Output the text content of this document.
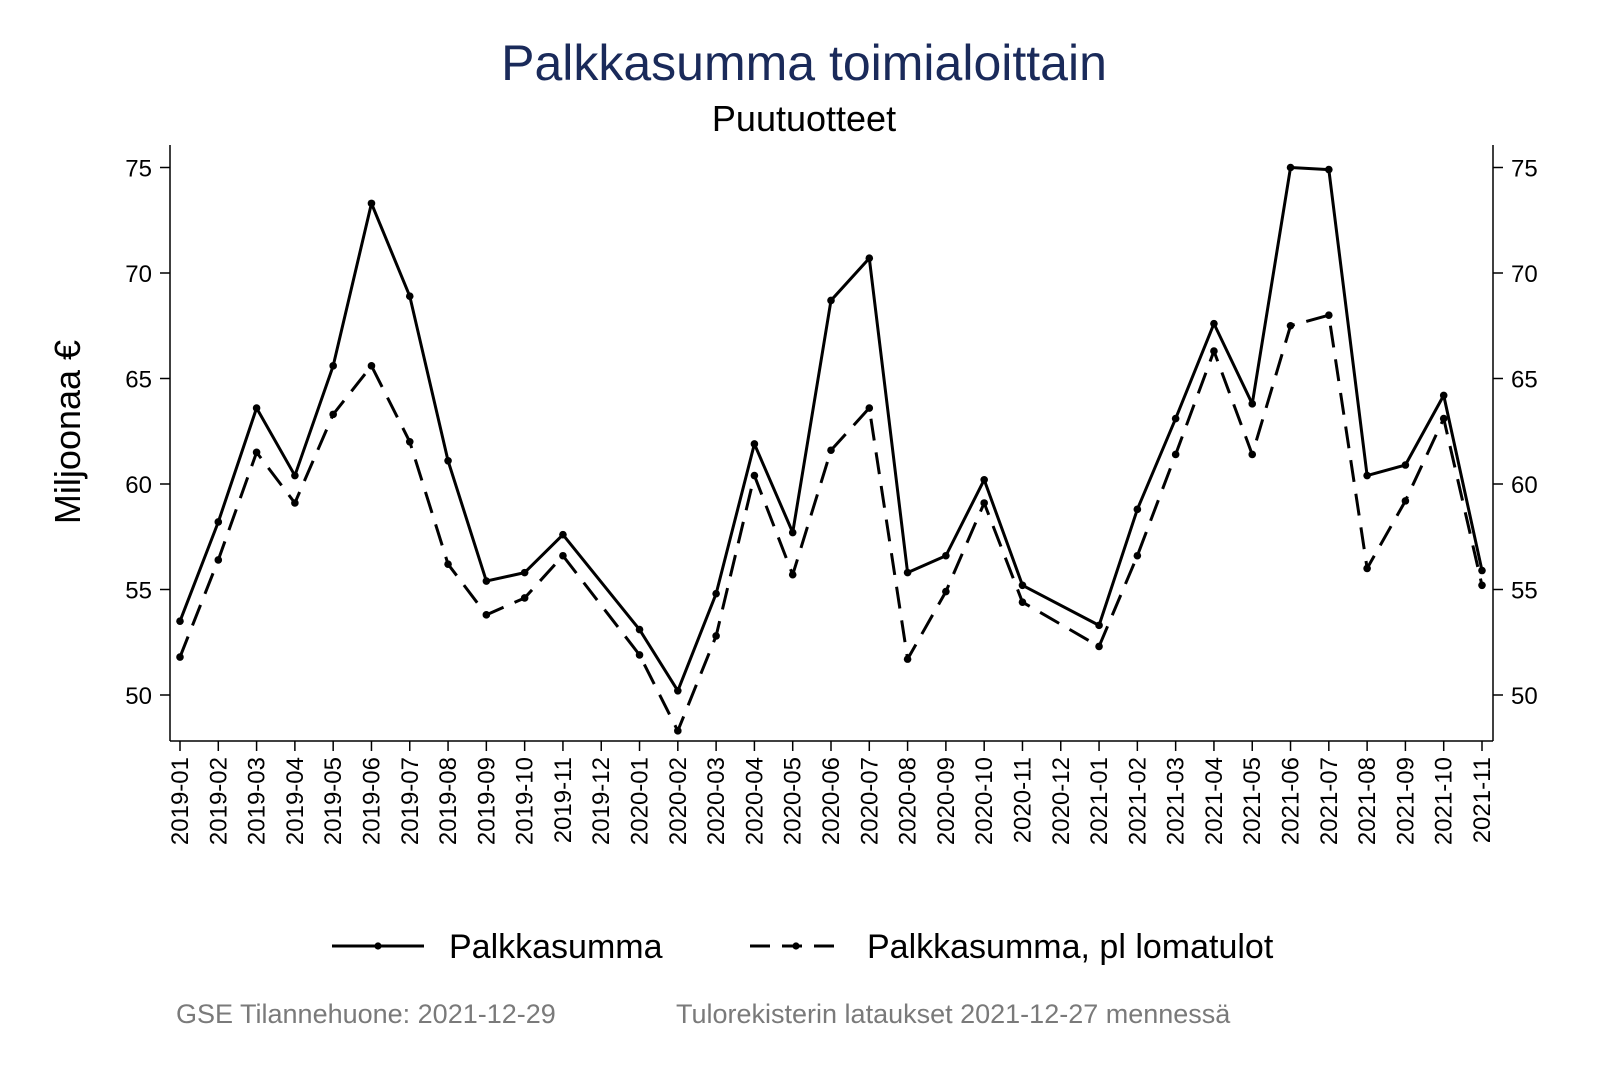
Palkkasumma toimialoittain
Puutuotteet
Miljoonaa €
50
55
60
65
70
75
50
55
60
65
70
75
2019-01 2019-02 2019-03 2019-04 2019-05 2019-06 2019-07 2019-08 2019-09 2019-10 2019-11 2019-12 2020-01 2020-02 2020-03 2020-04 2020-05 2020-06 2020-07 2020-08 2020-09 2020-10 2020-11 2020-12 2021-01 2021-02 2021-03 2021-04 2021-05 2021-06 2021-07 2021-08 2021-09 2021-10 2021-11
Palkkasumma	Palkkasumma, pl lomatulot
GSE Tilannehuone: 2021-12-29	Tulorekisterin lataukset 2021-12-27 mennessä
